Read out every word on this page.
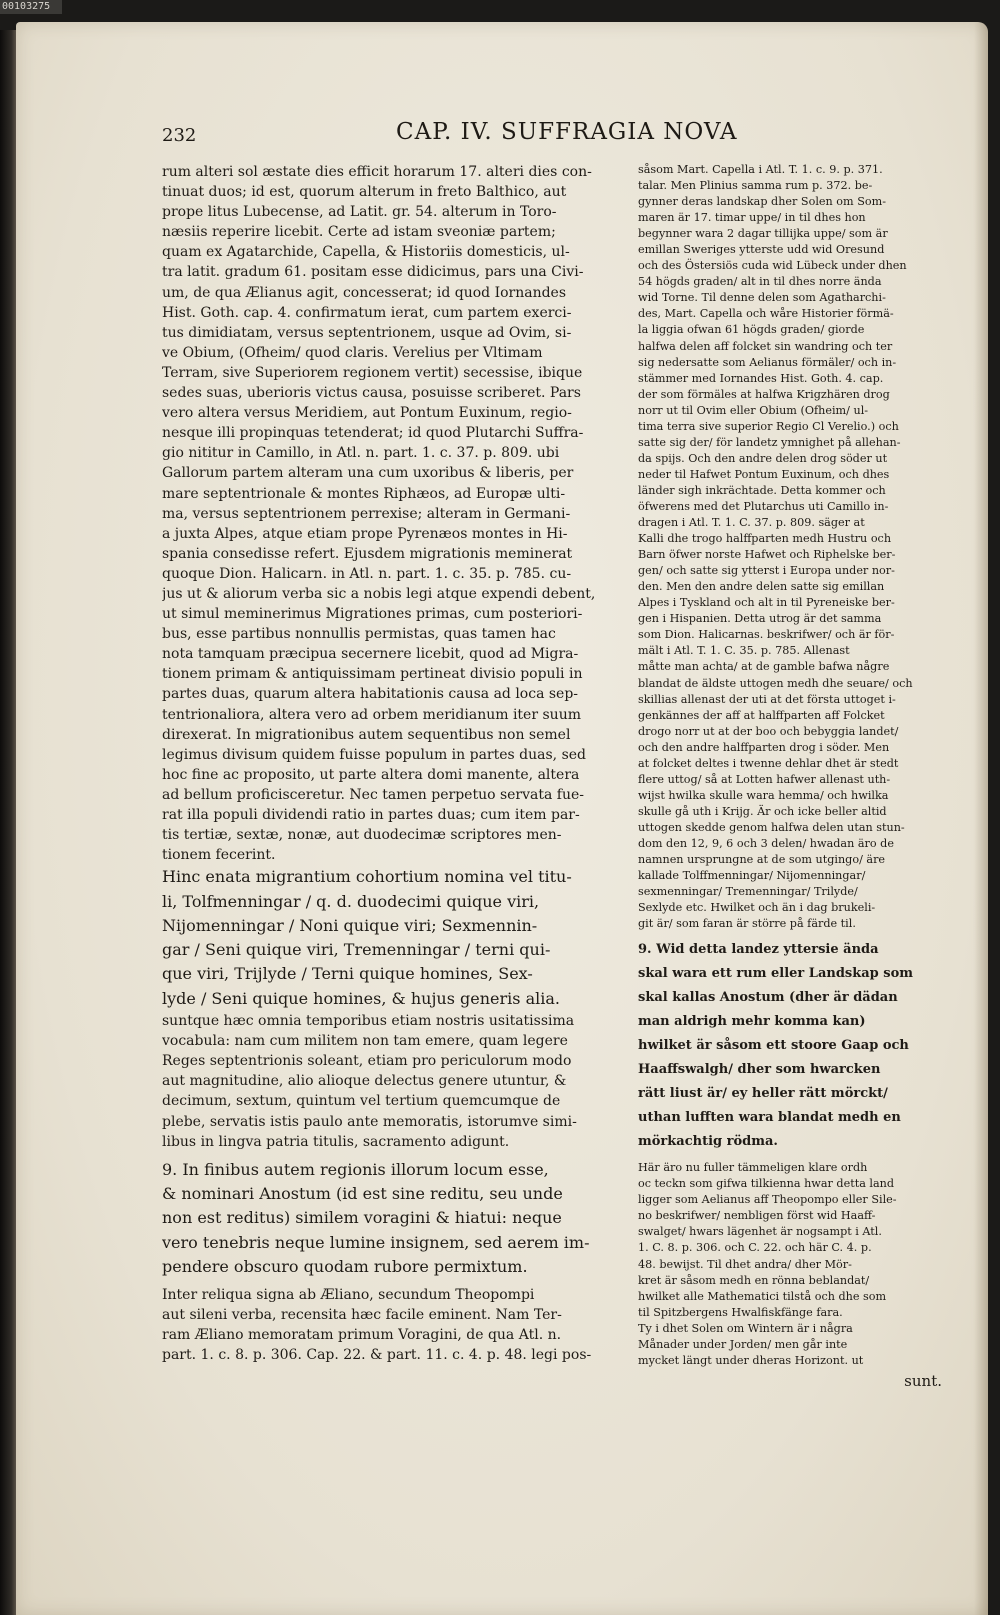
00103275
232	CAP. IV. SUFFRAGIA NOVA
rum alteri sol æstate dies efficit horarum 17. alteri dies con-
tinuat duos; id est, quorum alterum in freto Balthico, aut
prope litus Lubecense, ad Latit. gr. 54. alterum in Toro-
næsiis reperire licebit. Certe ad istam sveoniæ partem;
quam ex Agatarchide, Capella, & Historiis domesticis, ul-
tra latit. gradum 61. positam esse didicimus, pars una Civi-
um, de qua Ælianus agit, concesserat; id quod Iornandes
Hist. Goth. cap. 4. confirmatum ierat, cum partem exerci-
tus dimidiatam, versus septentrionem, usque ad Ovim, si-
ve Obium, (Ofheim/ quod claris. Verelius per Vltimam
Terram, sive Superiorem regionem vertit) secessise, ibique
sedes suas, uberioris victus causa, posuisse scriberet. Pars
vero altera versus Meridiem, aut Pontum Euxinum, regio-
nesque illi propinquas tetenderat; id quod Plutarchi Suffra-
gio nititur in Camillo, in Atl. n. part. 1. c. 37. p. 809. ubi
Gallorum partem alteram una cum uxoribus & liberis, per
mare septentrionale & montes Riphæos, ad Europæ ulti-
ma, versus septentrionem perrexise; alteram in Germani-
a juxta Alpes, atque etiam prope Pyrenæos montes in Hi-
spania consedisse refert. Ejusdem migrationis meminerat
quoque Dion. Halicarn. in Atl. n. part. 1. c. 35. p. 785. cu-
jus ut & aliorum verba sic a nobis legi atque expendi debent,
ut simul meminerimus Migrationes primas, cum posteriori-
bus, esse partibus nonnullis permistas, quas tamen hac
nota tamquam præcipua secernere licebit, quod ad Migra-
tionem primam & antiquissimam pertineat divisio populi in
partes duas, quarum altera habitationis causa ad loca sep-
tentrionaliora, altera vero ad orbem meridianum iter suum
direxerat. In migrationibus autem sequentibus non semel
legimus divisum quidem fuisse populum in partes duas, sed
hoc fine ac proposito, ut parte altera domi manente, altera
ad bellum proficisceretur. Nec tamen perpetuo servata fue-
rat illa populi dividendi ratio in partes duas; cum item par-
tis tertiæ, sextæ, nonæ, aut duodecimæ scriptores men-
tionem fecerint.
Hinc enata migrantium cohortium nomina vel titu-
li, Tolfmenningar / q. d. duodecimi quique viri,
Nijomenningar / Noni quique viri; Sexmennin-
gar / Seni quique viri, Tremenningar / terni qui-
que viri, Trijlyde / Terni quique homines, Sex-
lyde / Seni quique homines, & hujus generis alia.
suntque hæc omnia temporibus etiam nostris usitatissima
vocabula: nam cum militem non tam emere, quam legere
Reges septentrionis soleant, etiam pro periculorum modo
aut magnitudine, alio alioque delectus genere utuntur, &
decimum, sextum, quintum vel tertium quemcumque de
plebe, servatis istis paulo ante memoratis, istorumve simi-
libus in lingva patria titulis, sacramento adigunt.
9. In finibus autem regionis illorum locum esse,
& nominari Anostum (id est sine reditu, seu unde
non est reditus) similem voragini & hiatui: neque
vero tenebris neque lumine insignem, sed aerem im-
pendere obscuro quodam rubore permixtum.
Inter reliqua signa ab Æliano, secundum Theopompi
aut sileni verba, recensita hæc facile eminent. Nam Ter-
ram Æliano memoratam primum Voragini, de qua Atl. n.
part. 1. c. 8. p. 306. Cap. 22. & part. 11. c. 4. p. 48. legi pos-
såsom Mart. Capella i Atl. T. 1. c. 9. p. 371.
talar. Men Plinius samma rum p. 372. be-
gynner deras landskap dher Solen om Som-
maren är 17. timar uppe/ in til dhes hon
begynner wara 2 dagar tillijka uppe/ som är
emillan Sweriges ytterste udd wid Oresund
och des Östersiös cuda wid Lübeck under dhen
54 högds graden/ alt in til dhes norre ända
wid Torne. Til denne delen som Agatharchi-
des, Mart. Capella och wåre Historier förmä-
la liggia ofwan 61 högds graden/ giorde
halfwa delen aff folcket sin wandring och ter
sig nedersatte som Aelianus förmäler/ och in-
stämmer med Iornandes Hist. Goth. 4. cap.
der som förmäles at halfwa Krigzhären drog
norr ut til Ovim eller Obium (Ofheim/ ul-
tima terra sive superior Regio Cl Verelio.) och
satte sig der/ för landetz ymnighet på allehan-
da spijs. Och den andre delen drog söder ut
neder til Hafwet Pontum Euxinum, och dhes
länder sigh inkrächtade. Detta kommer och
öfwerens med det Plutarchus uti Camillo in-
dragen i Atl. T. 1. C. 37. p. 809. säger at
Kalli dhe trogo halffparten medh Hustru och
Barn öfwer norste Hafwet och Riphelske ber-
gen/ och satte sig ytterst i Europa under nor-
den. Men den andre delen satte sig emillan
Alpes i Tyskland och alt in til Pyreneiske ber-
gen i Hispanien. Detta utrog är det samma
som Dion. Halicarnas. beskrifwer/ och är för-
mält i Atl. T. 1. C. 35. p. 785. Allenast
måtte man achta/ at de gamble bafwa någre
blandat de äldste uttogen medh dhe seuare/ och
skillias allenast der uti at det första uttoget i-
genkännes der aff at halffparten aff Folcket
drogo norr ut at der boo och bebyggia landet/
och den andre halffparten drog i söder. Men
at folcket deltes i twenne dehlar dhet är stedt
flere uttog/ så at Lotten hafwer allenast uth-
wijst hwilka skulle wara hemma/ och hwilka
skulle gå uth i Krijg. Är och icke beller altid
uttogen skedde genom halfwa delen utan stun-
dom den 12, 9, 6 och 3 delen/ hwadan äro de
namnen ursprungne at de som utgingo/ äre
kallade Tolffmenningar/ Nijomenningar/
sexmenningar/ Tremenningar/ Trilyde/
Sexlyde etc. Hwilket och än i dag brukeli-
git är/ som faran är större på färde til.
9. Wid detta landez yttersie ända
skal wara ett rum eller Landskap som
skal kallas Anostum (dher är dädan
man aldrigh mehr komma kan)
hwilket är såsom ett stoore Gaap och
Haaffswalgh/ dher som hwarcken
rätt liust är/ ey heller rätt mörckt/
uthan lufften wara blandat medh en
mörkachtig rödma.
Här äro nu fuller tämmeligen klare ordh
oc teckn som gifwa tilkienna hwar detta land
ligger som Aelianus aff Theopompo eller Sile-
no beskrifwer/ nembligen först wid Haaff-
swalget/ hwars lägenhet är nogsampt i Atl.
1. C. 8. p. 306. och C. 22. och här C. 4. p.
48. bewijst. Til dhet andra/ dher Mör-
kret är såsom medh en rönna beblandat/
hwilket alle Mathematici tilstå och dhe som
til Spitzbergens Hwalfiskfänge fara.
Ty i dhet Solen om Wintern är i några
Månader under Jorden/ men går inte
mycket längt under dheras Horizont. ut
sunt.
